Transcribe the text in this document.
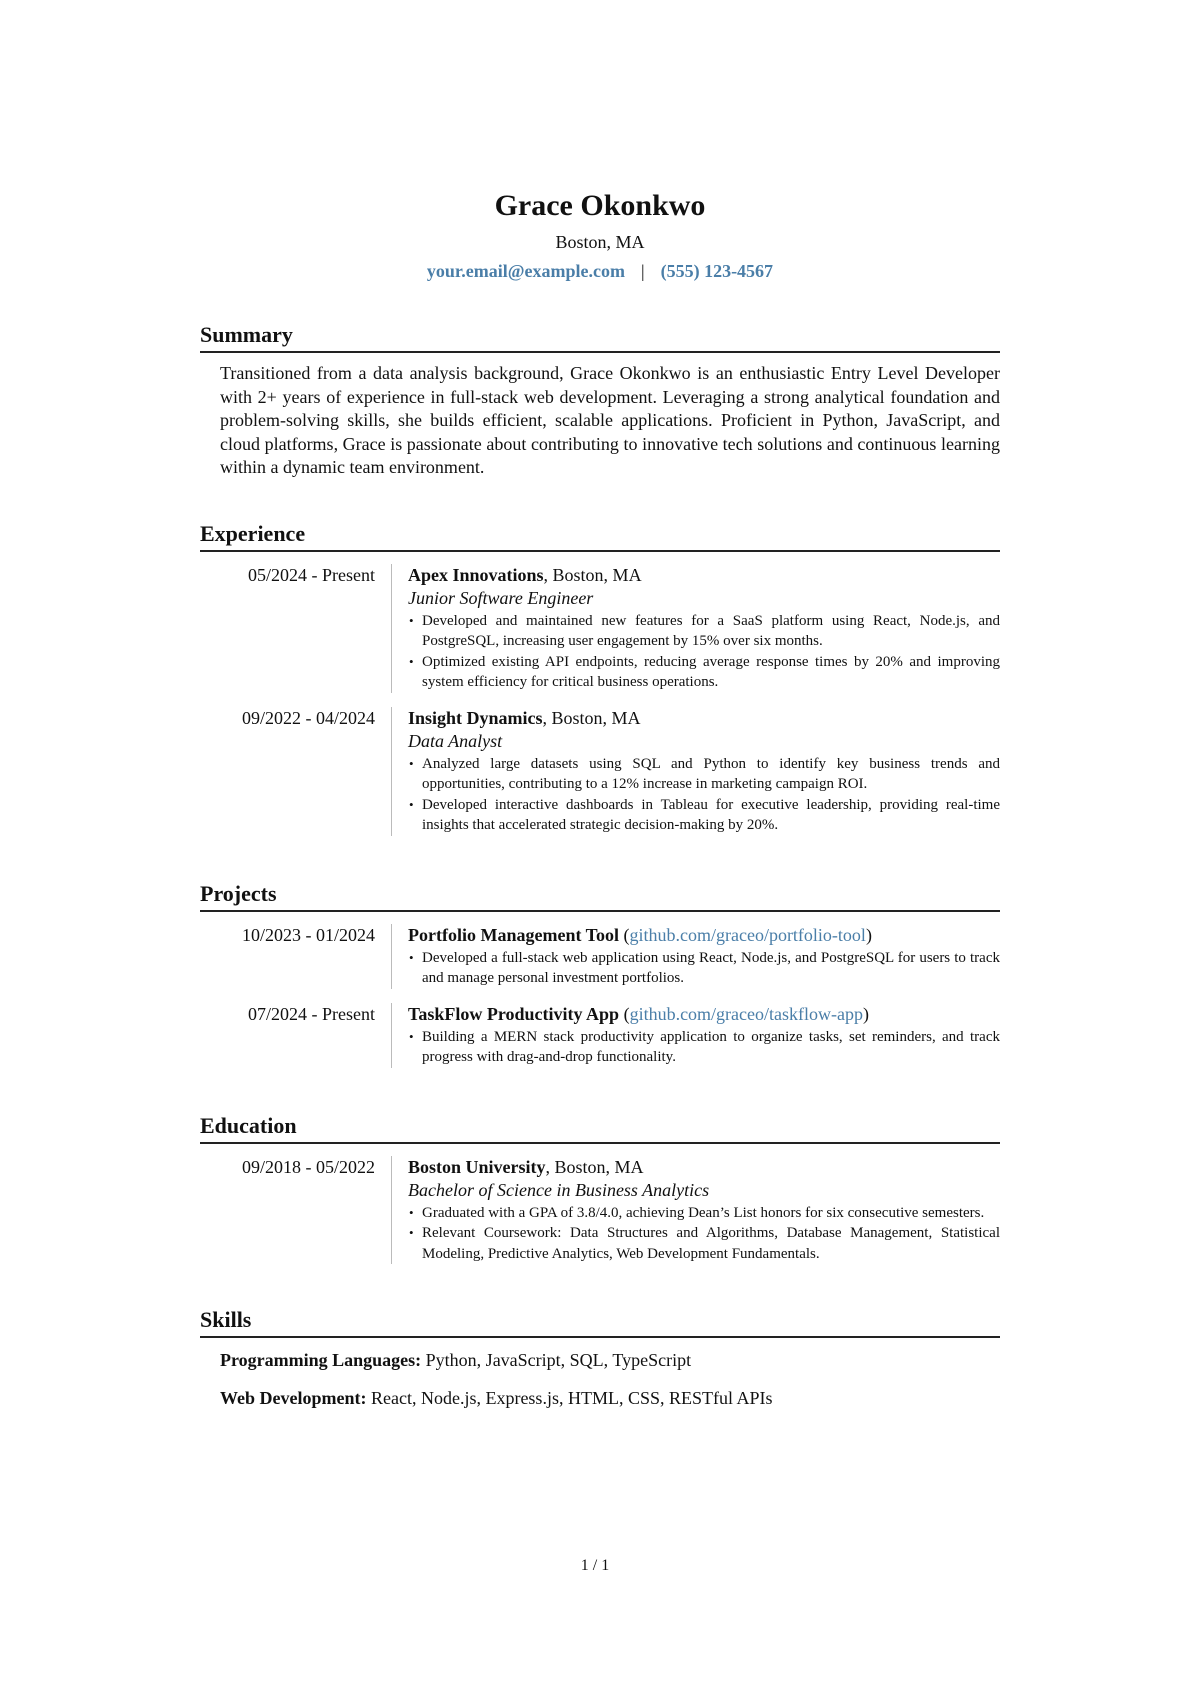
Grace Okonkwo
Boston, MA
your.email@example.com | (555) 123-4567
Summary
Transitioned from a data analysis background, Grace Okonkwo is an enthusiastic Entry Level Developer with 2+ years of experience in full-stack web development. Leveraging a strong analytical foundation and problem-solving skills, she builds efficient, scalable applications. Proficient in Python, JavaScript, and cloud platforms, Grace is passionate about contributing to innovative tech solutions and continuous learning within a dynamic team environment.
Experience
05/2024 - Present	Apex Innovations, Boston, MA
Junior Software Engineer
• Developed and maintained new features for a SaaS platform using React, Node.js, and PostgreSQL, increasing user engagement by 15% over six months.
• Optimized existing API endpoints, reducing average response times by 20% and improving system efficiency for critical business operations.
09/2022 - 04/2024	Insight Dynamics, Boston, MA
Data Analyst
• Analyzed large datasets using SQL and Python to identify key business trends and opportunities, contributing to a 12% increase in marketing campaign ROI.
• Developed interactive dashboards in Tableau for executive leadership, providing real-time insights that accelerated strategic decision-making by 20%.
Projects
10/2023 - 01/2024	Portfolio Management Tool (github.com/graceo/portfolio-tool)
• Developed a full-stack web application using React, Node.js, and PostgreSQL for users to track and manage personal investment portfolios.
07/2024 - Present	TaskFlow Productivity App (github.com/graceo/taskflow-app)
• Building a MERN stack productivity application to organize tasks, set reminders, and track progress with drag-and-drop functionality.
Education
09/2018 - 05/2022	Boston University, Boston, MA
Bachelor of Science in Business Analytics
• Graduated with a GPA of 3.8/4.0, achieving Dean’s List honors for six consecutive semesters.
• Relevant Coursework: Data Structures and Algorithms, Database Management, Statistical Modeling, Predictive Analytics, Web Development Fundamentals.
Skills
Programming Languages: Python, JavaScript, SQL, TypeScript
Web Development: React, Node.js, Express.js, HTML, CSS, RESTful APIs
1 / 1
